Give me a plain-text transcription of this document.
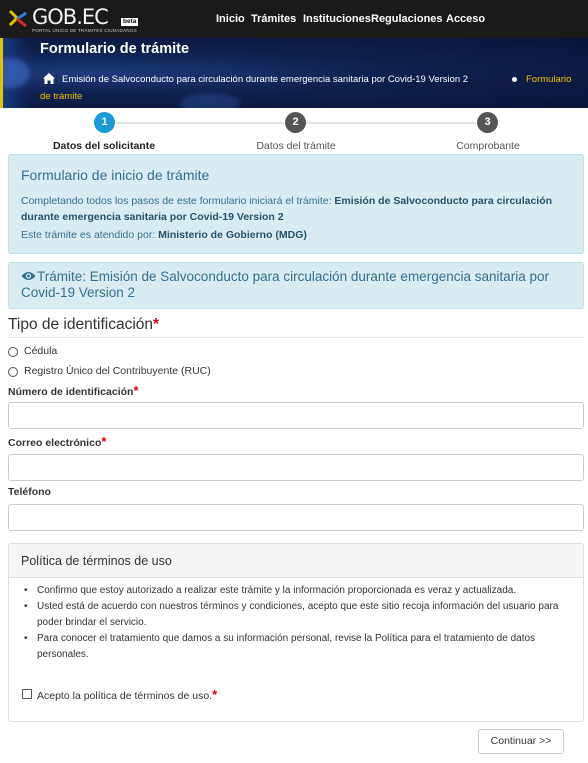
GOB.EC	beta
PORTAL ÚNICO DE TRÁMITES CIUDADANOS
Inicio Trámites Instituciones Regulaciones Acceso
Formulario de trámite
Emisión de Salvoconducto para circulación durante emergencia sanitaria por Covid-19 Version 2	Formulario
de trámite
1	2	3
Datos del solicitante	Datos del trámite	Comprobante
Formulario de inicio de trámite
Completando todos los pasos de este formulario iniciará el trámite: Emisión de Salvoconducto para circulación durante emergencia sanitaria por Covid-19 Version 2
Este trámite es atendido por: Ministerio de Gobierno (MDG)
Trámite: Emisión de Salvoconducto para circulación durante emergencia sanitaria por Covid-19 Version 2
Tipo de identificación*
Cédula
Registro Único del Contribuyente (RUC)
Número de identificación*
Correo electrónico*
Teléfono
Política de términos de uso
• Confirmo que estoy autorizado a realizar este trámite y la información proporcionada es veraz y actualizada.
• Usted está de acuerdo con nuestros términos y condiciones, acepto que este sitio recoja información del usuario para poder brindar el servicio.
• Para conocer el tratamiento que damos a su información personal, revise la Política para el tratamiento de datos personales.
Acepto la política de términos de uso.*
Continuar >>
